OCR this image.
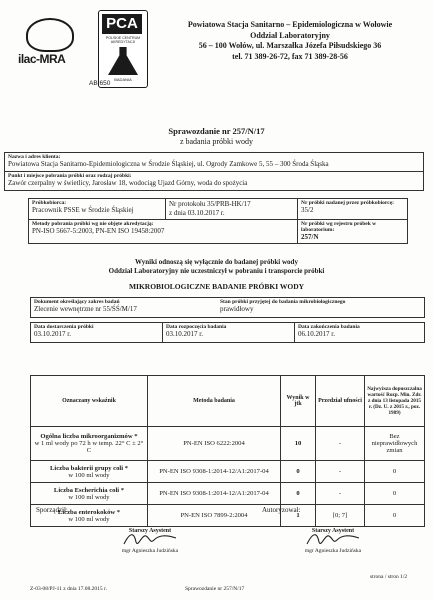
ilac-MRA
PCA
POLSKIE CENTRUM AKREDYTACJI
BADANIA
AB 650
Powiatowa Stacja Sanitarno – Epidemiologiczna w Wołowie
Oddział Laboratoryjny
56 – 100 Wołów, ul. Marszałka Józefa Piłsudskiego 36
tel. 71 389-26-72, fax 71 389-28-56
Sprawozdanie nr 257/N/17
z badania próbki wody
Nazwa i adres klienta:
Powiatowa Stacja Sanitarno-Epidemiologiczna w Środzie Śląskiej, ul. Ogrody Zamkowe 5, 55 – 300 Środa Śląska

Punkt i miejsce pobrania próbki oraz rodzaj próbki:
Zawór czerpalny w świetlicy, Jarosław 18, wodociąg Ujazd Górny, woda do spożycia
Próbkobiorca:
Pracownik PSSE w Środzie Śląskiej	Nr protokołu 35/PRB-HK/17
z dnia 03.10.2017 r.	Nr próbki nadanej przez próbkobiorcę:
35/2

Metody pobrania próbki wg nie objęte akredytacją:
PN-ISO 5667-5:2003, PN-EN ISO 19458:2007		Nr próbki wg rejestru próbek w laboratorium:
257/N
Wyniki odnoszą się wyłącznie do badanej próbki wody
Oddział Laboratoryjny nie uczestniczył w pobraniu i transporcie próbki
MIKROBIOLOGICZNE BADANIE PRÓBKI WODY
Dokument określający zakres badań
Zlecenie wewnętrzne nr 55/ŚŚ/M/17

Stan próbki przyjętej do badania mikrobiologicznego
prawidłowy
Data dostarczenia próbki
03.10.2017 r.

Data rozpoczęcia badania
03.10.2017 r.

Data zakończenia badania
06.10.2017 r.
Oznaczany wskaźnik	Metoda badania	Wynik w jtk	Przedział ufności	Najwyższa dopuszczalna wartość Rozp. Min. Zdr. z dnia 13 listopada 2015 r. (Dz. U. z 2015 r., poz. 1989)
Ogólna liczba mikroorganizmów *
w 1 ml wody po 72 h w temp. 22° C ± 2° C	PN-EN ISO 6222:2004	10	-	Bez nieprawidłowych zmian
Liczba bakterii grupy coli *
w 100 ml wody	PN-EN ISO 9308-1:2014-12/A1:2017-04	0	-	0
Liczba Escherichia coli *
w 100 ml wody	PN-EN ISO 9308-1:2014-12/A1:2017-04	0	-	0
Liczba enterokoków *
w 100 ml wody	PN-EN ISO 7899-2:2004	1	[0; 7]	0
Sporządził:	Autoryzował:
Starszy Asystent
mgr Agnieszka Judzińska
Starszy Asystent
mgr Agnieszka Judzińska
Z-03-08/PJ-11 z dnia 17.08.2015 r.	Sprawozdanie nr 257/N/17
strona / stron 1/2
